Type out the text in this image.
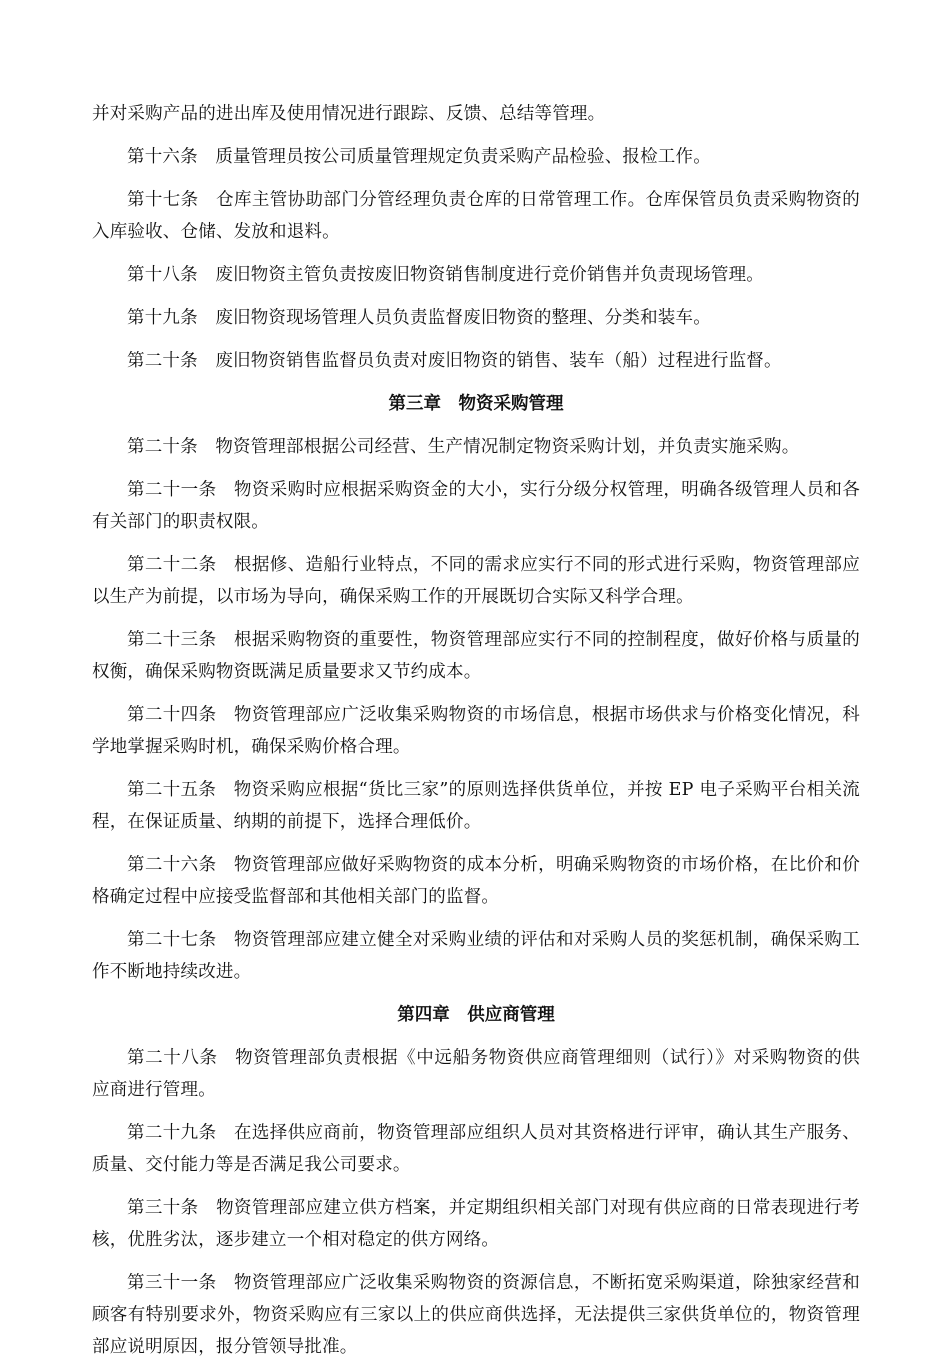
并对采购产品的进出库及使用情况进行跟踪、反馈、总结等管理。

第十六条 质量管理员按公司质量管理规定负责采购产品检验、报检工作。

第十七条 仓库主管协助部门分管经理负责仓库的日常管理工作。仓库保管员负责采购物资的入库验收、仓储、发放和退料。

第十八条 废旧物资主管负责按废旧物资销售制度进行竞价销售并负责现场管理。

第十九条 废旧物资现场管理人员负责监督废旧物资的整理、分类和装车。

第二十条 废旧物资销售监督员负责对废旧物资的销售、装车（船）过程进行监督。

第三章 物资采购管理

第二十条 物资管理部根据公司经营、生产情况制定物资采购计划，并负责实施采购。

第二十一条 物资采购时应根据采购资金的大小，实行分级分权管理，明确各级管理人员和各有关部门的职责权限。

第二十二条 根据修、造船行业特点，不同的需求应实行不同的形式进行采购，物资管理部应以生产为前提，以市场为导向，确保采购工作的开展既切合实际又科学合理。

第二十三条 根据采购物资的重要性，物资管理部应实行不同的控制程度，做好价格与质量的权衡，确保采购物资既满足质量要求又节约成本。

第二十四条 物资管理部应广泛收集采购物资的市场信息，根据市场供求与价格变化情况，科学地掌握采购时机，确保采购价格合理。

第二十五条 物资采购应根据“货比三家”的原则选择供货单位，并按 EP 电子采购平台相关流程，在保证质量、纳期的前提下，选择合理低价。

第二十六条 物资管理部应做好采购物资的成本分析，明确采购物资的市场价格，在比价和价格确定过程中应接受监督部和其他相关部门的监督。

第二十七条 物资管理部应建立健全对采购业绩的评估和对采购人员的奖惩机制，确保采购工作不断地持续改进。

第四章 供应商管理

第二十八条 物资管理部负责根据《中远船务物资供应商管理细则（试行）》对采购物资的供应商进行管理。

第二十九条 在选择供应商前，物资管理部应组织人员对其资格进行评审，确认其生产服务、质量、交付能力等是否满足我公司要求。

第三十条 物资管理部应建立供方档案，并定期组织相关部门对现有供应商的日常表现进行考核，优胜劣汰，逐步建立一个相对稳定的供方网络。

第三十一条 物资管理部应广泛收集采购物资的资源信息，不断拓宽采购渠道，除独家经营和顾客有特别要求外，物资采购应有三家以上的供应商供选择，无法提供三家供货单位的，物资管理部应说明原因，报分管领导批准。
